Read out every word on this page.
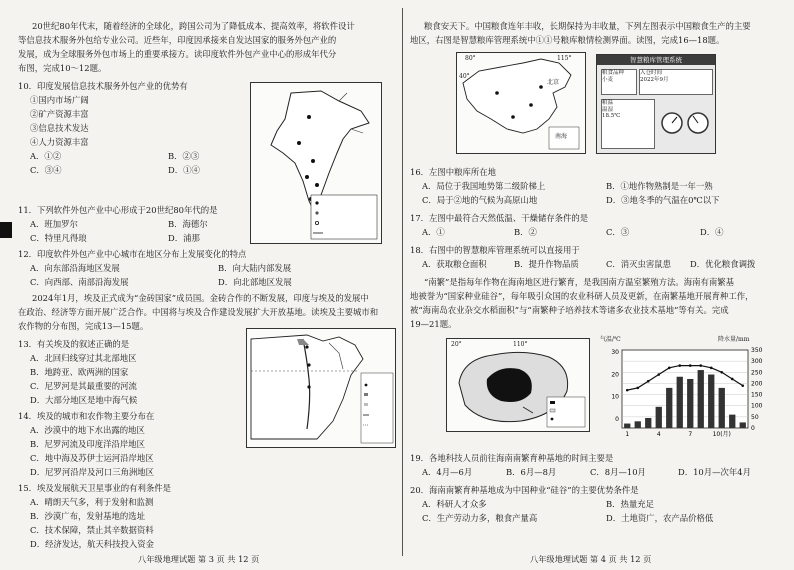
20世纪80年代末，随着经济的全球化，跨国公司为了降低成本、提高效率，将软件设计
等信息技术服务外包给专业公司。近些年，印度因承接来自发达国家的服务外包产业的
发展，成为全球服务外包市场上的重要承接方。读印度软件外包产业中心的形成年代分
布图，完成10～12题。
10．印度发展信息技术服务外包产业的优势有
①国内市场广阔
②矿产资源丰富
③信息技术发达
④人力资源丰富
A．①②	B．②③
C．③④	D．①④
11．下列软件外包产业中心形成于20世纪80年代的是
A．班加罗尔	B．海德尔
C．特里凡得琅	D．浦那
12．印度软件外包产业中心城市在地区分布上发展变化的特点
A．向东部沿海地区发展	B．向大陆内部发展
C．向西部、南部沿海发展	D．向北部地区发展
2024年1月，埃及正式成为“金砖国家”成员国。金砖合作的不断发展，印度与埃及的发展中
在政治、经济等方面开展广泛合作。中国将与埃及合作建设发展扩大开放基地。读埃及主要城市和
农作物的分布图，完成13—15题。
13．有关埃及的叙述正确的是
A．北回归线穿过其北部地区
B．地跨亚、欧两洲的国家
C．尼罗河是其最重要的河流
D．大部分地区是地中海气候
14．埃及的城市和农作物主要分布在
A．沙漠中的地下水出露的地区
B．尼罗河流及印度洋沿岸地区
C．地中海及苏伊士运河沿岸地区
D．尼罗河沿岸及河口三角洲地区
15．埃及发展航天卫星事业的有利条件是
A．晴朗天气多，利于发射和监测
B．沙漠广布，发射基地的选址
C．技术保障，禁止其辛数据资料
D．经济发达，航天科技投入资金
八年级地理试题 第 3 页 共 12 页
粮食安天下。中国粮食连年丰收，长期保持为丰收量，下列左图表示中国粮食生产的主要
地区，右图是智慧粮库管理系统中①①号粮库粮情检测界面。读图，完成16—18题。
80°	115°
40°
北京
南海
智慧粮库管理系统
粮食品种
小麦
入仓时间
2022年9月
粮温
温湿
18.5℃
16．左图中粮库所在地
A．局位于我国地势第二级阶梯上	B．①地作物熟制是一年一熟
C．局于②地的气候为高原山地	D．③地冬季的气温在0℃以下
17．左图中最符合天然低温、干燥储存条件的是
A．①	B．②	C．③	D．④
18．右图中的智慧粮库管理系统可以直接用于
A．获取粮仓面积	B．提升作物品质	C．消灭虫害鼠患 D．优化粮食调拨
“南繁”是指每年作物在海南地区进行繁育，是我国南方温室繁殖方法。海南有南繁基
地被誉为“国家种业硅谷”，每年吸引众国的农业科研人员及更新，在南繁基地开展育种工作，
被“海南岛农业杂交水稻面积”与“南繁种子培养技术等诸多农业技术基地”等有关。完成
19—21题。
20°	110°
气温/℃	降水量/mm
30
20
10
0
350
300
250
200
150
100
50
0
1	4	7	10(月)
19．各地科技人员前往海南南繁育种基地的时间主要是
A．4月—6月	B．6月—8月	C．8月—10月	D．10月—次年4月
20．海南南繁育种基地成为中国种业“硅谷”的主要优势条件是
A．科研人才众多	B．热量充足
C．生产劳动力多，粮食产量高	D．土地资广，农产品价格低
八年级地理试题 第 4 页 共 12 页
